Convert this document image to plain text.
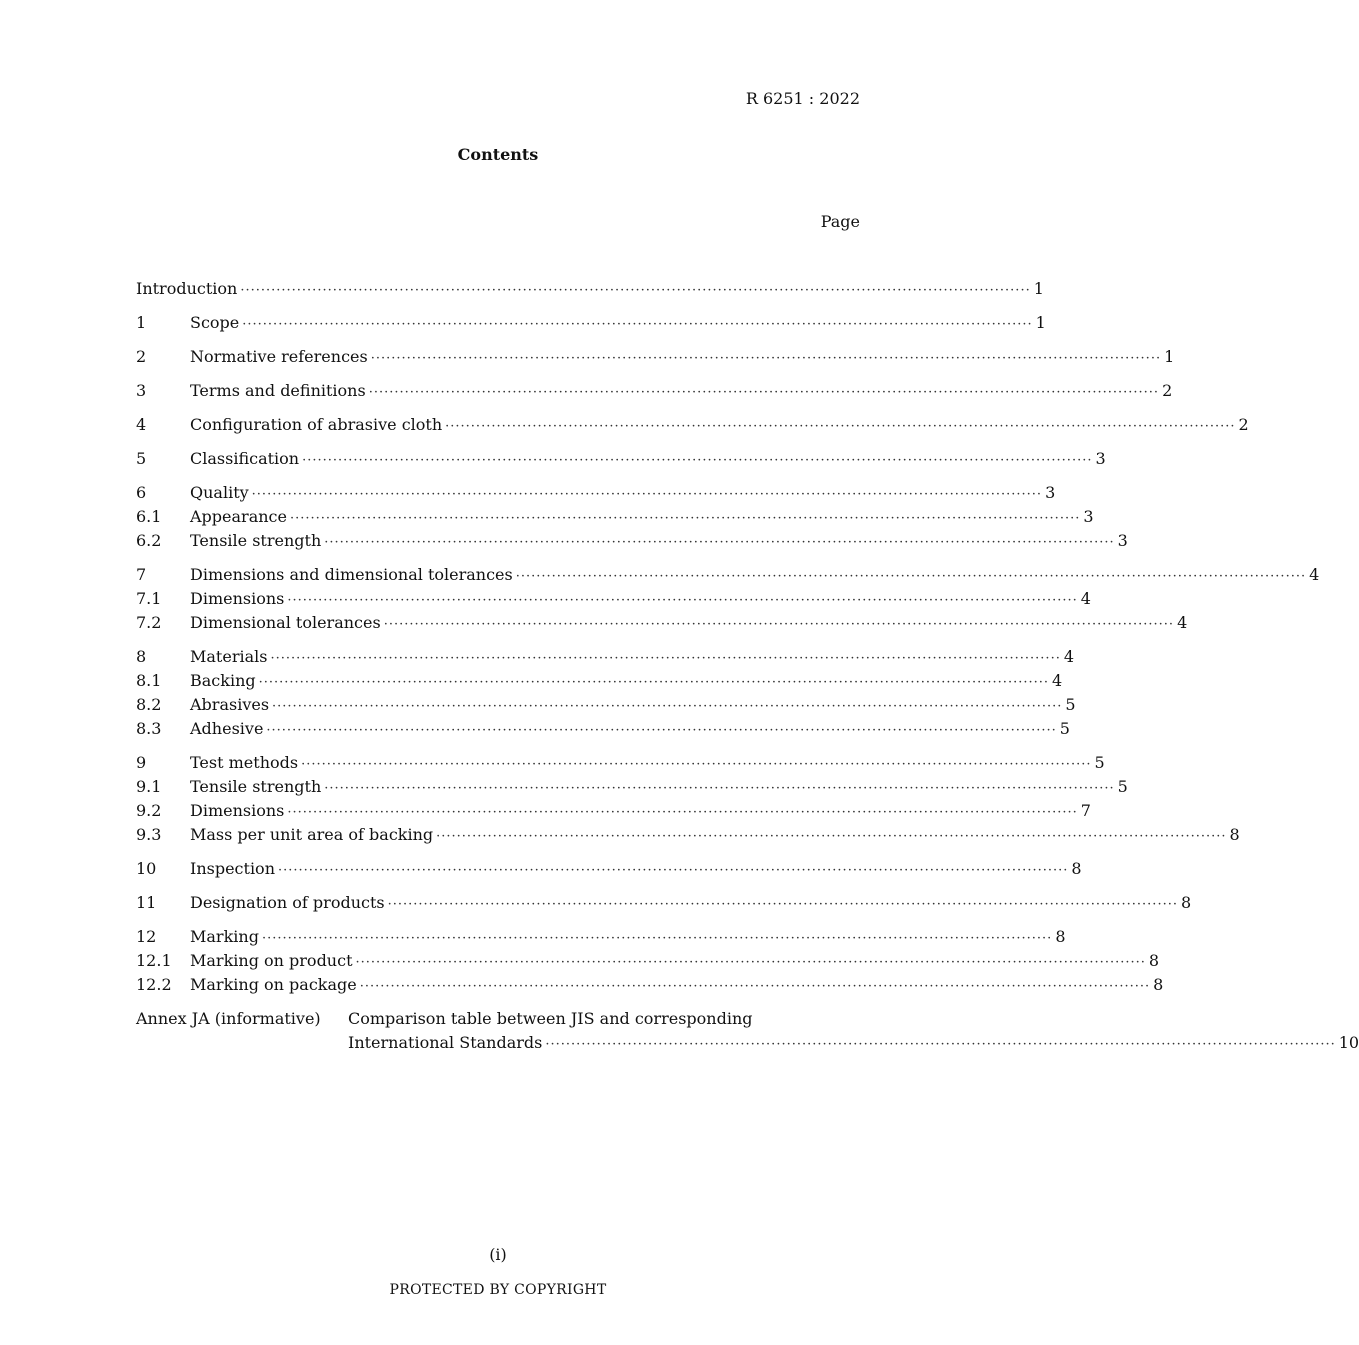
R 6251 : 2022
Contents
Page
Introduction ·····	1
1	Scope ·····	1
2	Normative references ·····	1
3	Terms and definitions ·····	2
4	Configuration of abrasive cloth ·····	2
5	Classification ·····	3
6	Quality ·····	3
6.1	Appearance ·····	3
6.2	Tensile strength ·····	3
7	Dimensions and dimensional tolerances ·····	4
7.1	Dimensions ·····	4
7.2	Dimensional tolerances ·····	4
8	Materials ·····	4
8.1	Backing ·····	4
8.2	Abrasives ·····	5
8.3	Adhesive ·····	5
9	Test methods ·····	5
9.1	Tensile strength ·····	5
9.2	Dimensions ·····	7
9.3	Mass per unit area of backing ·····	8
10	Inspection ·····	8
11	Designation of products ·····	8
12	Marking ·····	8
12.1	Marking on product ·····	8
12.2	Marking on package ·····	8
Annex JA (informative)	Comparison table between JIS and corresponding
International Standards ·····	10
(i)
PROTECTED BY COPYRIGHT
